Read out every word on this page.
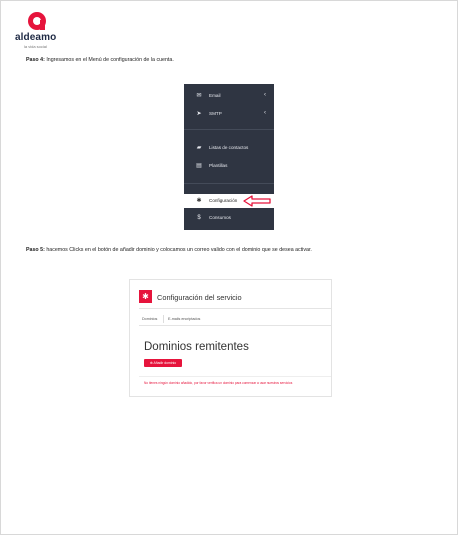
aldeamo
la vida social
Paso 4: Ingresamos en el Menú de configuración de la cuenta.
✉ Email	‹
➤ SMTP	‹
▰ Listas de contactos
▤ Plantillas
✱ Configuración
$ Consumos
Paso 5: hacemos Clicks en el botón de añadir dominio y colocamos un correo valido con el dominio que se desea activar.
✱	Configuración del servicio
Dominios	E-mails encriptados
Dominios remitentes
⊕ Añadir dominio
No tienes ningún dominio añadido, por favor verifica un dominio para comenzar a usar nuestros servicios
